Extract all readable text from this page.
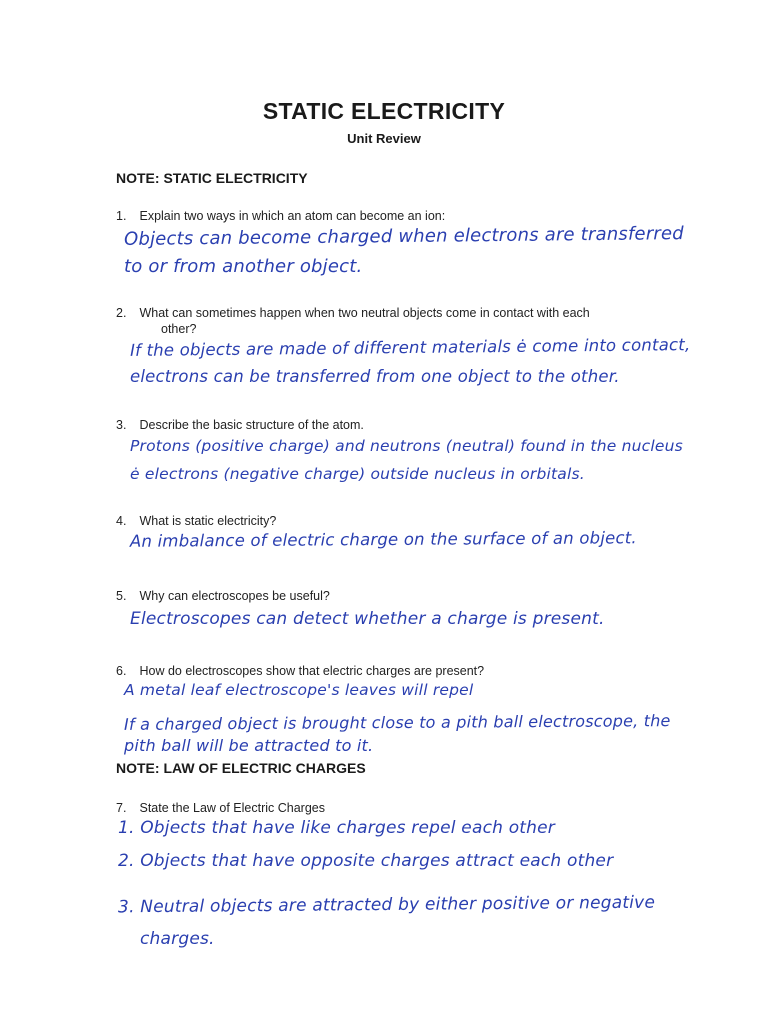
STATIC ELECTRICITY
Unit Review
NOTE: STATIC ELECTRICITY
1. Explain two ways in which an atom can become an ion:
Objects can become charged when electrons are transferred
to or from another object.
2. What can sometimes happen when two neutral objects come in contact with each
other?
If the objects are made of different materials ė come into contact,
electrons can be transferred from one object to the other.
3. Describe the basic structure of the atom.
Protons (positive charge) and neutrons (neutral) found in the nucleus
ė electrons (negative charge) outside nucleus in orbitals.
4. What is static electricity?
An imbalance of electric charge on the surface of an object.
5. Why can electroscopes be useful?
Electroscopes can detect whether a charge is present.
6. How do electroscopes show that electric charges are present?
A metal leaf electroscope's leaves will repel
If a charged object is brought close to a pith ball electroscope, the
pith ball will be attracted to it.
NOTE: LAW OF ELECTRIC CHARGES
7. State the Law of Electric Charges
1. Objects that have like charges repel each other
2. Objects that have opposite charges attract each other
3. Neutral objects are attracted by either positive or negative
charges.
